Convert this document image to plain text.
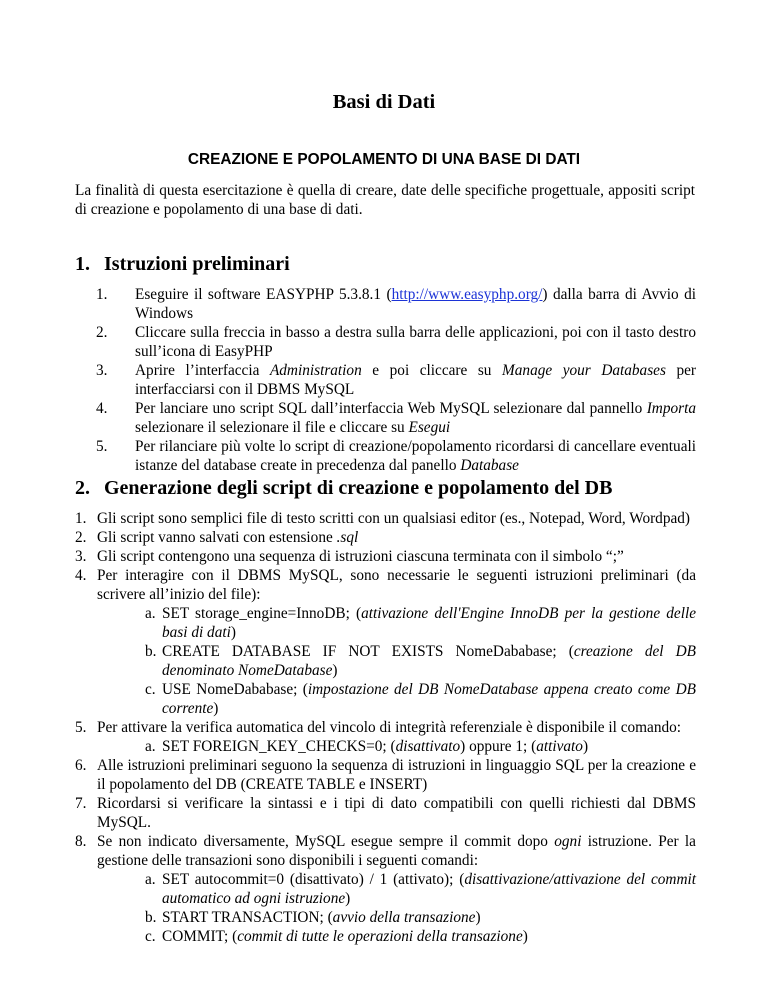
Basi di Dati
CREAZIONE E POPOLAMENTO DI UNA BASE DI DATI
La finalità di questa esercitazione è quella di creare, date delle specifiche progettuale, appositi script di creazione e popolamento di una base di dati.
1. Istruzioni preliminari
1.	Eseguire il software EASYPHP 5.3.8.1 (http://www.easyphp.org/) dalla barra di Avvio di Windows
2.	Cliccare sulla freccia in basso a destra sulla barra delle applicazioni, poi con il tasto destro sull’icona di EasyPHP
3.	Aprire l’interfaccia Administration e poi cliccare su Manage your Databases per interfacciarsi con il DBMS MySQL
4.	Per lanciare uno script SQL dall’interfaccia Web MySQL selezionare dal pannello Importa selezionare il selezionare il file e cliccare su Esegui
5.	Per rilanciare più volte lo script di creazione/popolamento ricordarsi di cancellare eventuali istanze del database create in precedenza dal panello Database
2. Generazione degli script di creazione e popolamento del DB
1. Gli script sono semplici file di testo scritti con un qualsiasi editor (es., Notepad, Word, Wordpad)
2. Gli script vanno salvati con estensione .sql
3. Gli script contengono una sequenza di istruzioni ciascuna terminata con il simbolo “;”
4. Per interagire con il DBMS MySQL, sono necessarie le seguenti istruzioni preliminari (da scrivere all’inizio del file):
a. SET storage_engine=InnoDB; (attivazione dell'Engine InnoDB per la gestione delle basi di dati)
b. CREATE DATABASE IF NOT EXISTS NomeDababase; (creazione del DB denominato NomeDatabase)
c. USE NomeDababase; (impostazione del DB NomeDatabase appena creato come DB corrente)
5. Per attivare la verifica automatica del vincolo di integrità referenziale è disponibile il comando:
a. SET FOREIGN_KEY_CHECKS=0; (disattivato) oppure 1; (attivato)
6. Alle istruzioni preliminari seguono la sequenza di istruzioni in linguaggio SQL per la creazione e il popolamento del DB (CREATE TABLE e INSERT)
7. Ricordarsi si verificare la sintassi e i tipi di dato compatibili con quelli richiesti dal DBMS MySQL.
8. Se non indicato diversamente, MySQL esegue sempre il commit dopo ogni istruzione. Per la gestione delle transazioni sono disponibili i seguenti comandi:
a. SET autocommit=0 (disattivato) / 1 (attivato); (disattivazione/attivazione del commit automatico ad ogni istruzione)
b. START TRANSACTION; (avvio della transazione)
c. COMMIT; (commit di tutte le operazioni della transazione)
